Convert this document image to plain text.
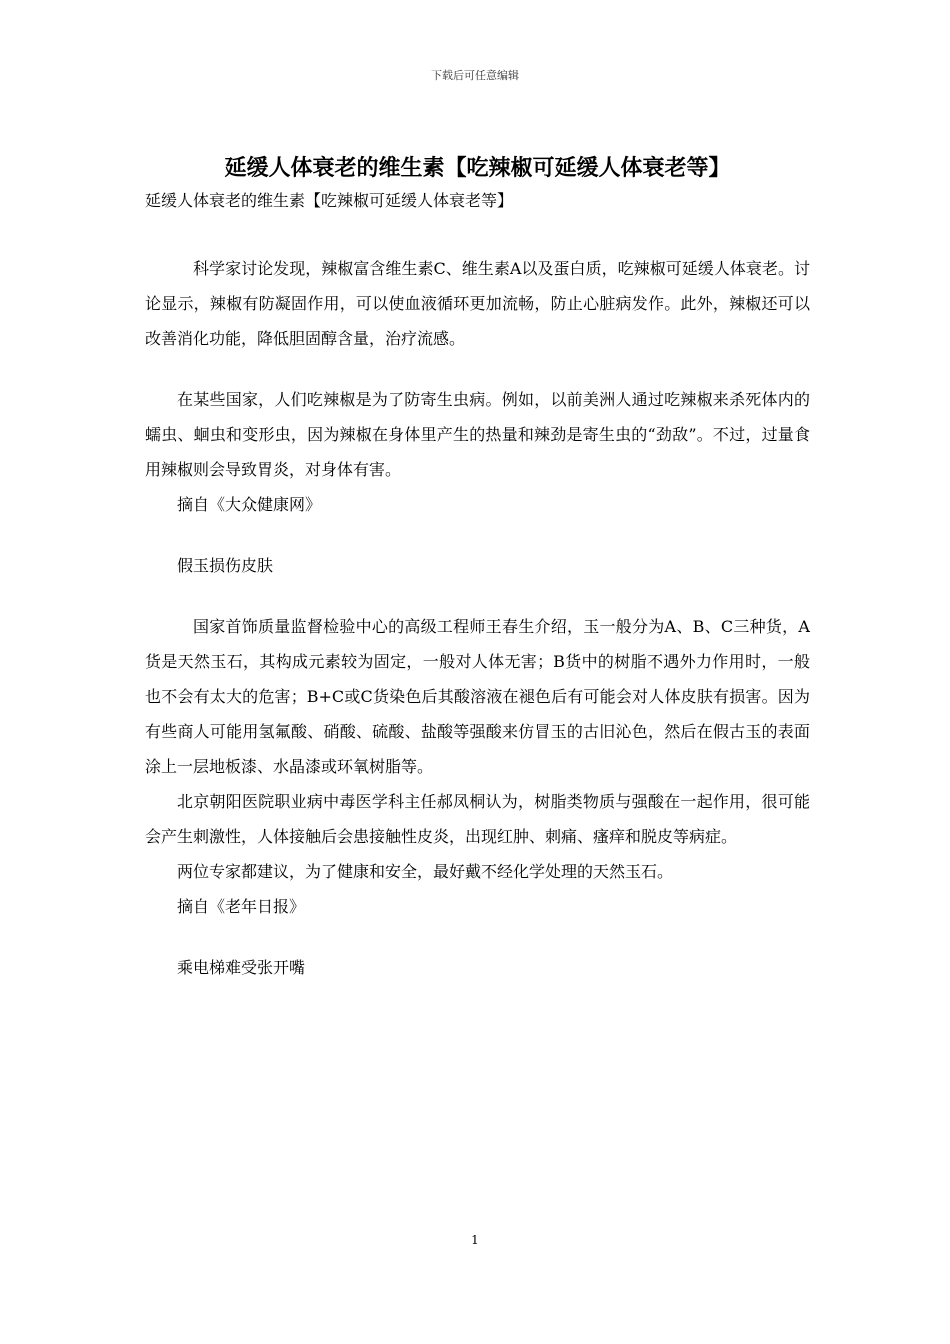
下载后可任意编辑
延缓人体衰老的维生素【吃辣椒可延缓人体衰老等】

延缓人体衰老的维生素【吃辣椒可延缓人体衰老等】

科学家讨论发现，辣椒富含维生素C、维生素A以及蛋白质，吃辣椒可延缓人体衰老。讨论显示，辣椒有防凝固作用，可以使血液循环更加流畅，防止心脏病发作。此外，辣椒还可以改善消化功能，降低胆固醇含量，治疗流感。

在某些国家，人们吃辣椒是为了防寄生虫病。例如，以前美洲人通过吃辣椒来杀死体内的蠕虫、蛔虫和变形虫，因为辣椒在身体里产生的热量和辣劲是寄生虫的“劲敌”。不过，过量食用辣椒则会导致胃炎，对身体有害。

摘自《大众健康网》

假玉损伤皮肤

国家首饰质量监督检验中心的高级工程师王春生介绍，玉一般分为A、B、C三种货，A货是天然玉石，其构成元素较为固定，一般对人体无害；B货中的树脂不遇外力作用时，一般也不会有太大的危害；B+C或C货染色后其酸溶液在褪色后有可能会对人体皮肤有损害。因为有些商人可能用氢氟酸、硝酸、硫酸、盐酸等强酸来仿冒玉的古旧沁色，然后在假古玉的表面涂上一层地板漆、水晶漆或环氧树脂等。

北京朝阳医院职业病中毒医学科主任郝凤桐认为，树脂类物质与强酸在一起作用，很可能会产生刺激性，人体接触后会患接触性皮炎，出现红肿、刺痛、瘙痒和脱皮等病症。

两位专家都建议，为了健康和安全，最好戴不经化学处理的天然玉石。

摘自《老年日报》

乘电梯难受张开嘴

1
